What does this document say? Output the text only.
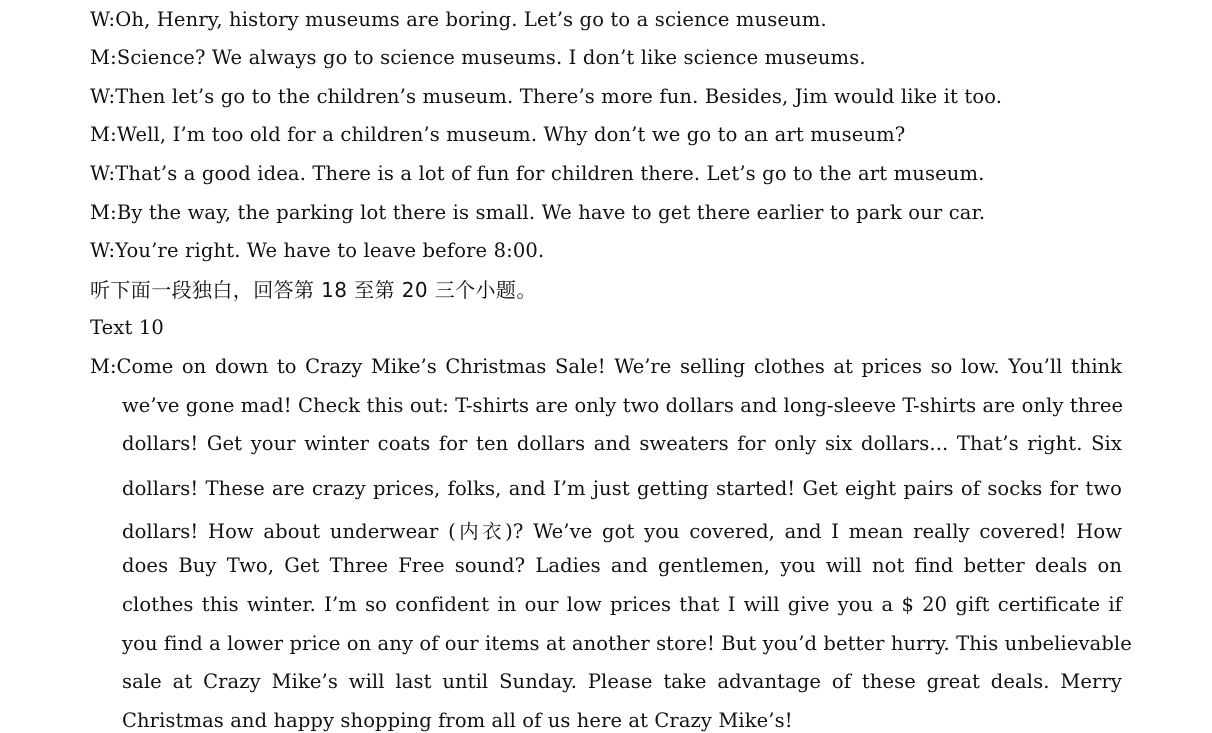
W:Oh, Henry, history museums are boring. Let’s go to a science museum.
M:Science? We always go to science museums. I don’t like science museums.
W:Then let’s go to the children’s museum. There’s more fun. Besides, Jim would like it too.
M:Well, I’m too old for a children’s museum. Why don’t we go to an art museum?
W:That’s a good idea. There is a lot of fun for children there. Let’s go to the art museum.
M:By the way, the parking lot there is small. We have to get there earlier to park our car.
W:You’re right. We have to leave before 8:00.
听下面一段独白，回答第 18 至第 20 三个小题。
Text 10
M:Come on down to Crazy Mike’s Christmas Sale! We’re selling clothes at prices so low. You’ll think
we’ve gone mad! Check this out: T-shirts are only two dollars and long-sleeve T-shirts are only three
dollars! Get your winter coats for ten dollars and sweaters for only six dollars... That’s right. Six
dollars! These are crazy prices, folks, and I’m just getting started! Get eight pairs of socks for two
dollars! How about underwear (内衣)? We’ve got you covered, and I mean really covered! How
does Buy Two, Get Three Free sound? Ladies and gentlemen, you will not find better deals on
clothes this winter. I’m so confident in our low prices that I will give you a $ 20 gift certificate if
you find a lower price on any of our items at another store! But you’d better hurry. This unbelievable
sale at Crazy Mike’s will last until Sunday. Please take advantage of these great deals. Merry
Christmas and happy shopping from all of us here at Crazy Mike’s!
